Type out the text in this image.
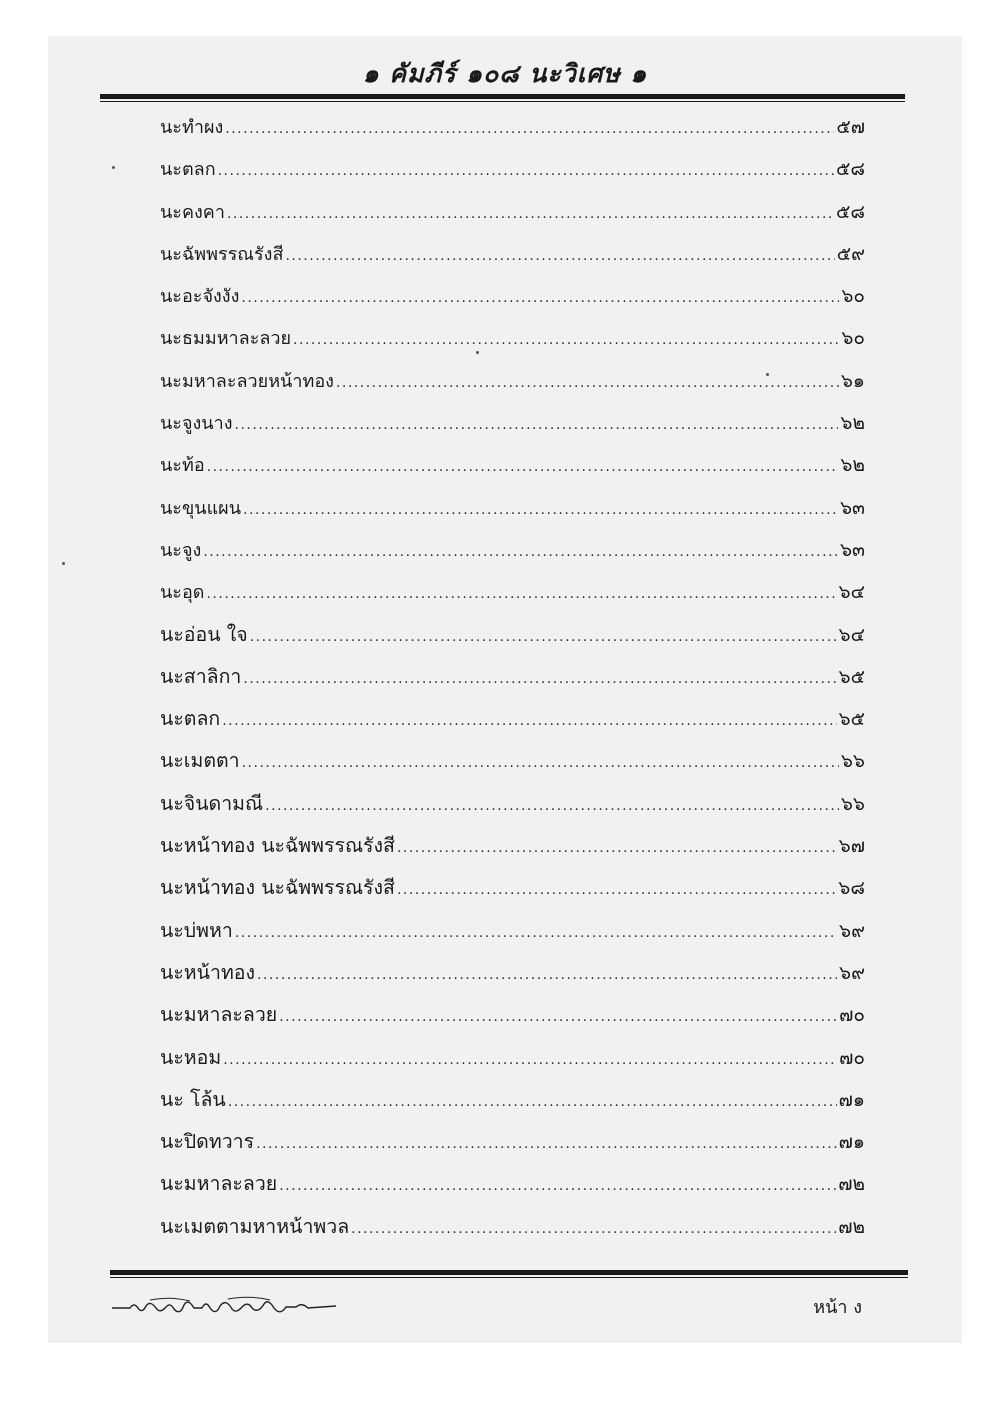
๑ คัมภีร์ ๑๐๘ นะวิเศษ ๑
นะทำผง .....	๕๗
นะตลก .....	๕๘
นะคงคา .....	๕๘
นะฉัพพรรณรังสี .....	๕๙
นะอะจังงัง .....	๖๐
นะธมมหาละลวย .....	๖๐
นะมหาละลวยหน้าทอง .....	๖๑
นะจูงนาง .....	๖๒
นะท้อ .....	๖๒
นะขุนแผน .....	๖๓
นะจูง .....	๖๓
นะอุด .....	๖๔
นะอ่อน ใจ .....	๖๔
นะสาลิกา .....	๖๕
นะตลก .....	๖๕
นะเมตตา .....	๖๖
นะจินดามณี .....	๖๖
นะหน้าทอง นะฉัพพรรณรังสี .....	๖๗
นะหน้าทอง นะฉัพพรรณรังสี .....	๖๘
นะบ่พหา .....	๖๙
นะหน้าทอง .....	๖๙
นะมหาละลวย .....	๗๐
นะหอม .....	๗๐
นะ โล้น .....	๗๑
นะปิดทวาร .....	๗๑
นะมหาละลวย .....	๗๒
นะเมตตามหาหน้าพวล .....	๗๒
หน้า ง
